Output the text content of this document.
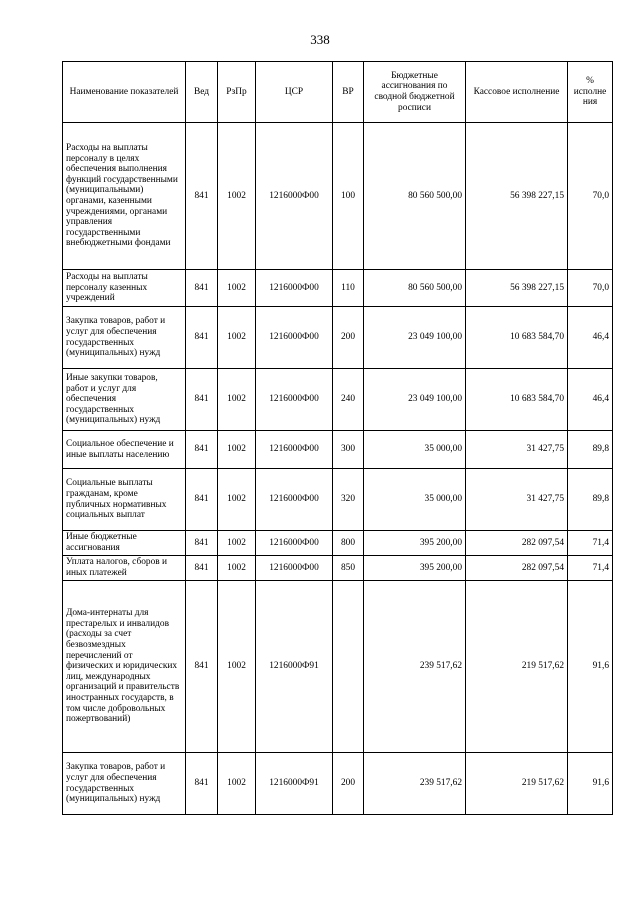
338
Наименование показателей	Вед	РзПр	ЦСР	ВР	Бюджетные ассигнования по сводной бюджетной росписи	Кассовое исполнение	% исполне ния
Расходы на выплаты персоналу в целях обеспечения выполнения функций государственными (муниципальными) органами, казенными учреждениями, органами управления государственными внебюджетными фондами	841	1002	1216000Ф00	100	80 560 500,00	56 398 227,15	70,0
Расходы на выплаты персоналу казенных учреждений	841	1002	1216000Ф00	110	80 560 500,00	56 398 227,15	70,0
Закупка товаров, работ и услуг для обеспечения государственных (муниципальных) нужд	841	1002	1216000Ф00	200	23 049 100,00	10 683 584,70	46,4
Иные закупки товаров, работ и услуг для обеспечения государственных (муниципальных) нужд	841	1002	1216000Ф00	240	23 049 100,00	10 683 584,70	46,4
Социальное обеспечение и иные выплаты населению	841	1002	1216000Ф00	300	35 000,00	31 427,75	89,8
Социальные выплаты гражданам, кроме публичных нормативных социальных выплат	841	1002	1216000Ф00	320	35 000,00	31 427,75	89,8
Иные бюджетные ассигнования	841	1002	1216000Ф00	800	395 200,00	282 097,54	71,4
Уплата налогов, сборов и иных платежей	841	1002	1216000Ф00	850	395 200,00	282 097,54	71,4
Дома-интернаты для престарелых и инвалидов (расходы за счет безвозмездных перечислений от физических и юридических лиц, международных организаций и правительств иностранных государств, в том числе добровольных пожертвований)	841	1002	1216000Ф91		239 517,62	219 517,62	91,6
Закупка товаров, работ и услуг для обеспечения государственных (муниципальных) нужд	841	1002	1216000Ф91	200	239 517,62	219 517,62	91,6
